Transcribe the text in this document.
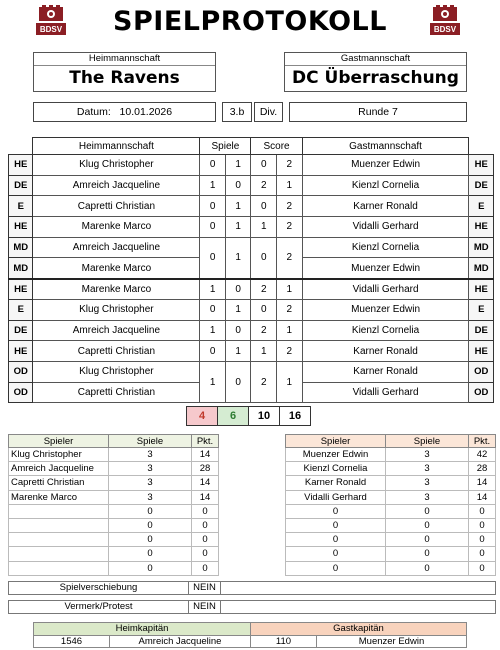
BDSV	BDSV
SPIELPROTOKOLL
Heimmannschaft
The Ravens
Gastmannschaft
DC Überraschung
Datum: 10.01.2026	3.b	Div.	Runde 7
	Heimmannschaft	Spiele		Score		Gastmannschaft	
HE	Klug Christopher	0	1	0	2	Muenzer Edwin	HE
DE	Amreich Jacqueline	1	0	2	1	Kienzl Cornelia	DE
E	Capretti Christian	0	1	0	2	Karner Ronald	E
HE	Marenke Marco	0	1	1	2	Vidalli Gerhard	HE
MD	Amreich Jacqueline	0	1	0	2	Kienzl Cornelia	MD
MD	Marenke Marco					Muenzer Edwin	MD
HE	Marenke Marco	1	0	2	1	Vidalli Gerhard	HE
E	Klug Christopher	0	1	0	2	Muenzer Edwin	E
DE	Amreich Jacqueline	1	0	2	1	Kienzl Cornelia	DE
HE	Capretti Christian	0	1	1	2	Karner Ronald	HE
OD	Klug Christopher	1	0	2	1	Karner Ronald	OD
OD	Capretti Christian					Vidalli Gerhard	OD
4	6	10	16
Spieler	Spiele	Pkt.
Klug Christopher	3	14
Amreich Jacqueline	3	28
Capretti Christian	3	14
Marenke Marco	3	14
	0	0
	0	0
	0	0
	0	0
	0	0
Spieler	Spiele	Pkt.
Muenzer Edwin	3	42
Kienzl Cornelia	3	28
Karner Ronald	3	14
Vidalli Gerhard	3	14
0	0	0
0	0	0
0	0	0
0	0	0
0	0	0
Spielverschiebung	NEIN
Vermerk/Protest	NEIN
Heimkapitän		Gastkapitän	
1546	Amreich Jacqueline	110	Muenzer Edwin
